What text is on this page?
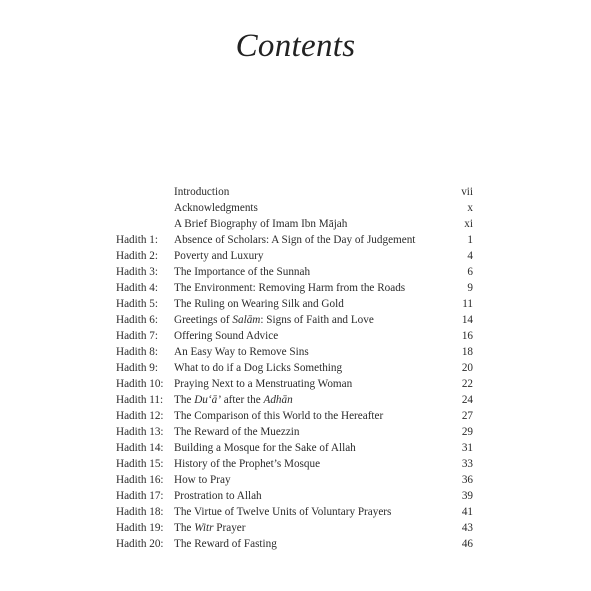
Contents
Introduction	vii
Acknowledgments	x
A Brief Biography of Imam Ibn Mājah	xi
Hadith 1: Absence of Scholars: A Sign of the Day of Judgement	1
Hadith 2: Poverty and Luxury	4
Hadith 3: The Importance of the Sunnah	6
Hadith 4: The Environment: Removing Harm from the Roads	9
Hadith 5: The Ruling on Wearing Silk and Gold	11
Hadith 6: Greetings of Salām: Signs of Faith and Love	14
Hadith 7: Offering Sound Advice	16
Hadith 8: An Easy Way to Remove Sins	18
Hadith 9: What to do if a Dog Licks Something	20
Hadith 10: Praying Next to a Menstruating Woman	22
Hadith 11: The Du‘ā’ after the Adhān	24
Hadith 12: The Comparison of this World to the Hereafter	27
Hadith 13: The Reward of the Muezzin	29
Hadith 14: Building a Mosque for the Sake of Allah	31
Hadith 15: History of the Prophet’s Mosque	33
Hadith 16: How to Pray	36
Hadith 17: Prostration to Allah	39
Hadith 18: The Virtue of Twelve Units of Voluntary Prayers	41
Hadith 19: The Witr Prayer	43
Hadith 20: The Reward of Fasting	46
